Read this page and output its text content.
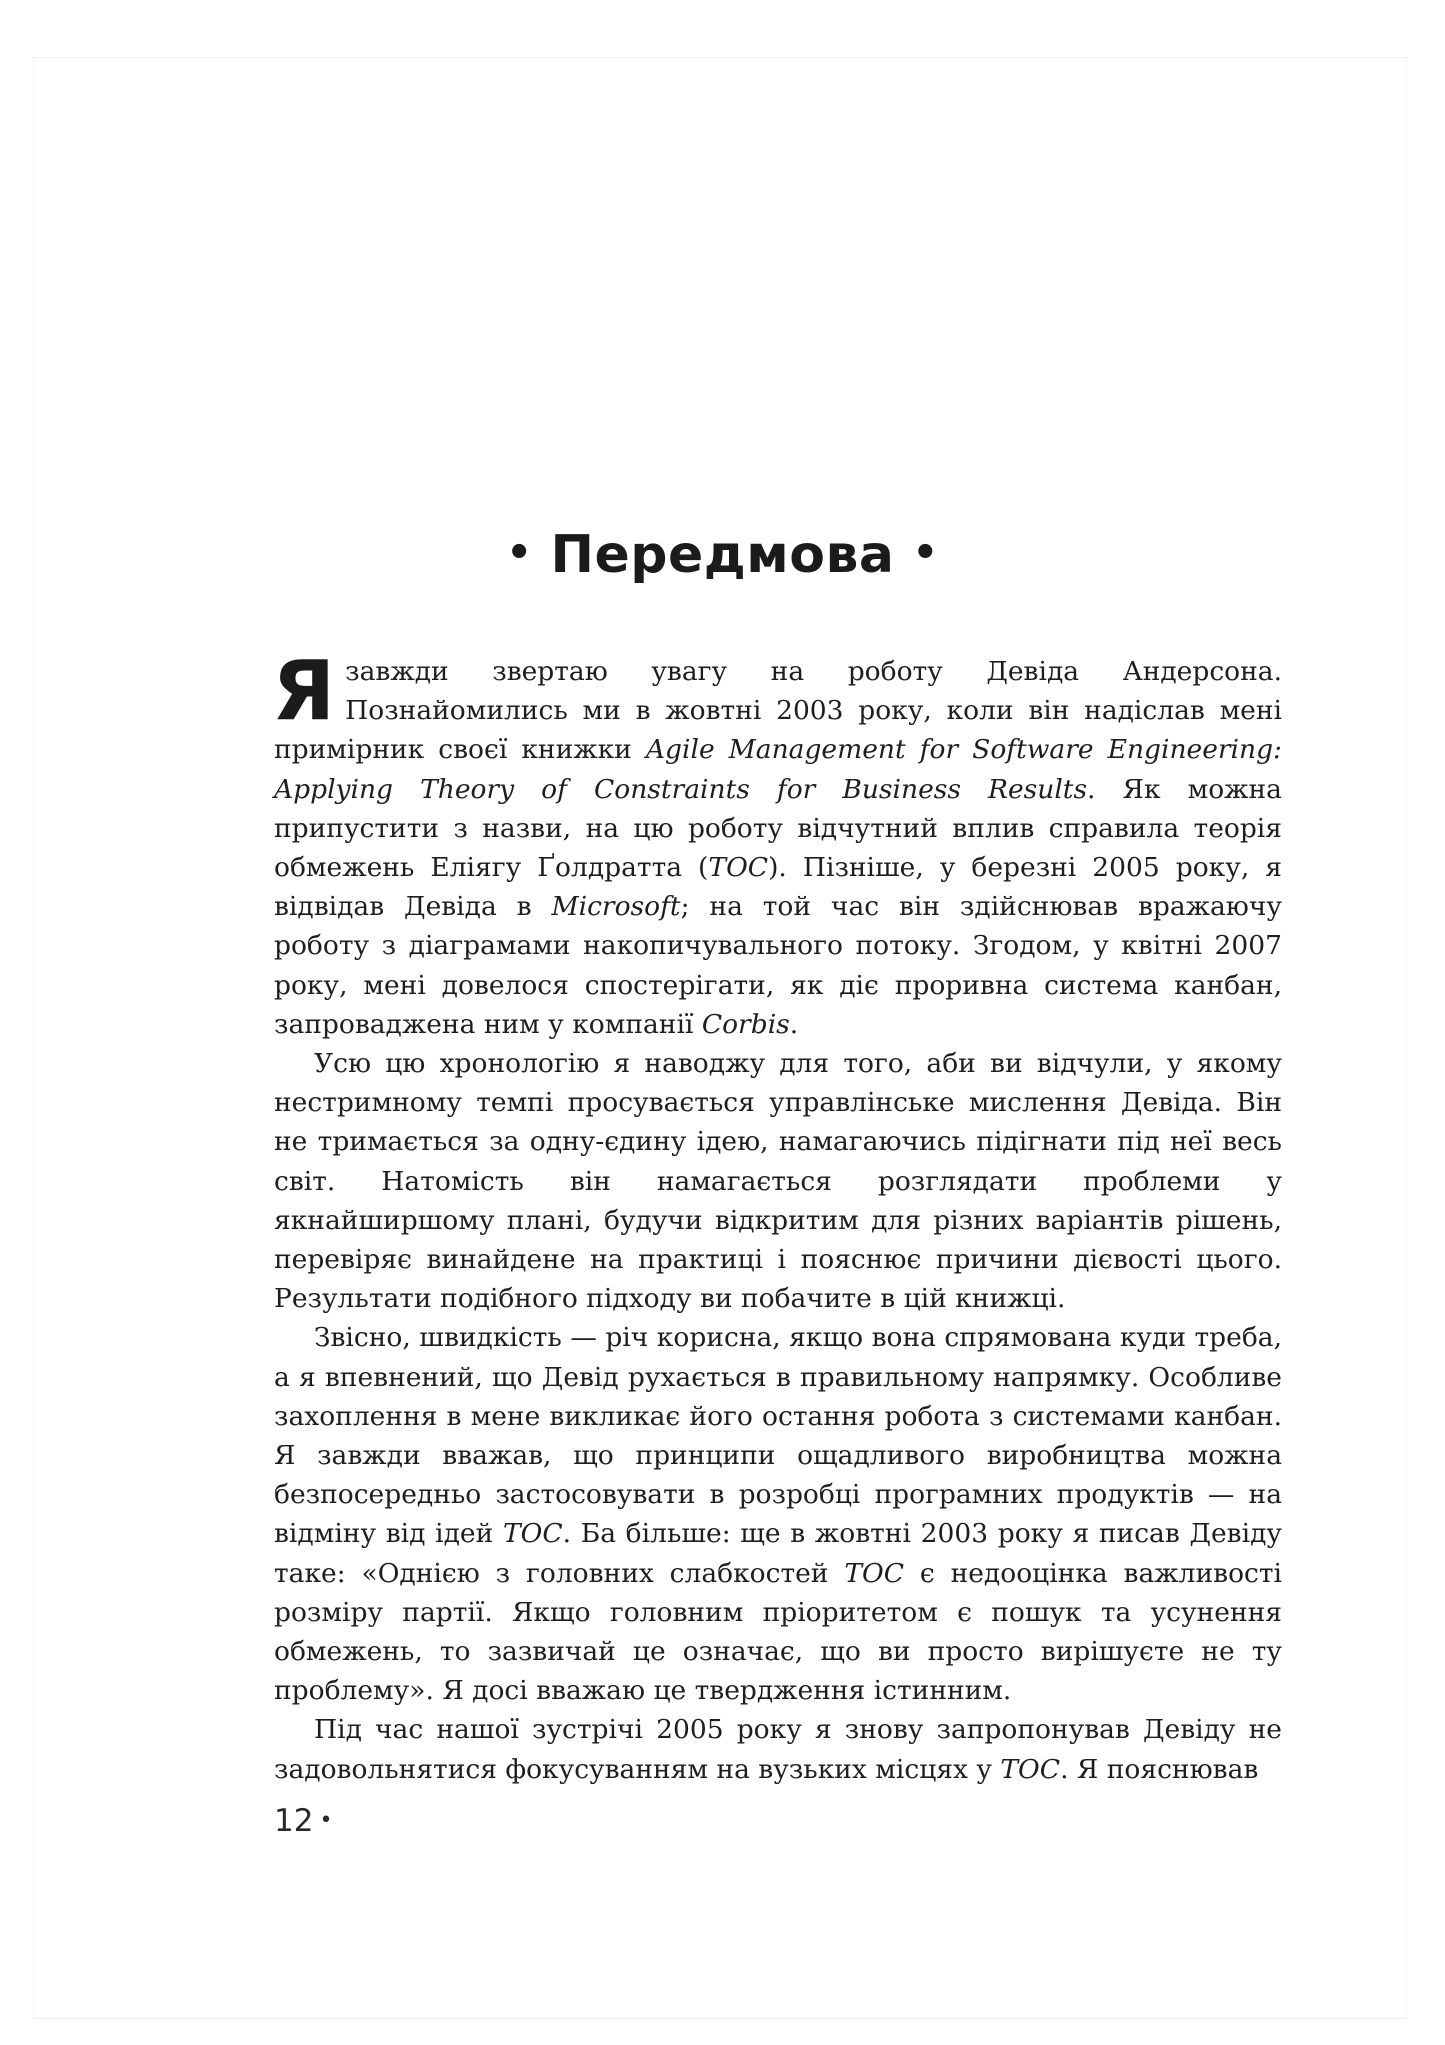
• Передмова •

Я завжди звертаю увагу на роботу Девіда Андерсона. Познайомились ми в жовтні 2003 року, коли він надіслав мені примірник своєї книжки Agile Management for Software Engineering: Applying Theory of Constraints for Business Results. Як можна припустити з назви, на цю роботу відчутний вплив справила теорія обмежень Еліягу Ґолдратта (TOC). Пізніше, у березні 2005 року, я відвідав Девіда в Microsoft; на той час він здійснював вражаючу роботу з діаграмами накопичувального потоку. Згодом, у квітні 2007 року, мені довелося спостерігати, як діє проривна система канбан, запроваджена ним у компанії Corbis.

Усю цю хронологію я наводжу для того, аби ви відчули, у якому нестримному темпі просувається управлінське мислення Девіда. Він не тримається за одну-єдину ідею, намагаючись підігнати під неї весь світ. Натомість він намагається розглядати проблеми у якнайширшому плані, будучи відкритим для різних варіантів рішень, перевіряє винайдене на практиці і пояснює причини дієвості цього. Результати подібного підходу ви побачите в цій книжці.

Звісно, швидкість — річ корисна, якщо вона спрямована куди треба, а я впевнений, що Девід рухається в правильному напрямку. Особливе захоплення в мене викликає його остання робота з системами канбан. Я завжди вважав, що принципи ощадливого виробництва можна безпосередньо застосовувати в розробці програмних продуктів — на відміну від ідей TOC. Ба більше: ще в жовтні 2003 року я писав Девіду таке: «Однією з головних слабкостей TOC є недооцінка важливості розміру партії. Якщо головним пріоритетом є пошук та усунення обмежень, то зазвичай це означає, що ви просто вирішуєте не ту проблему». Я досі вважаю це твердження істинним.

Під час нашої зустрічі 2005 року я знову запропонував Девіду не задовольнятися фокусуванням на вузьких місцях у TOC. Я пояснював

12 •
